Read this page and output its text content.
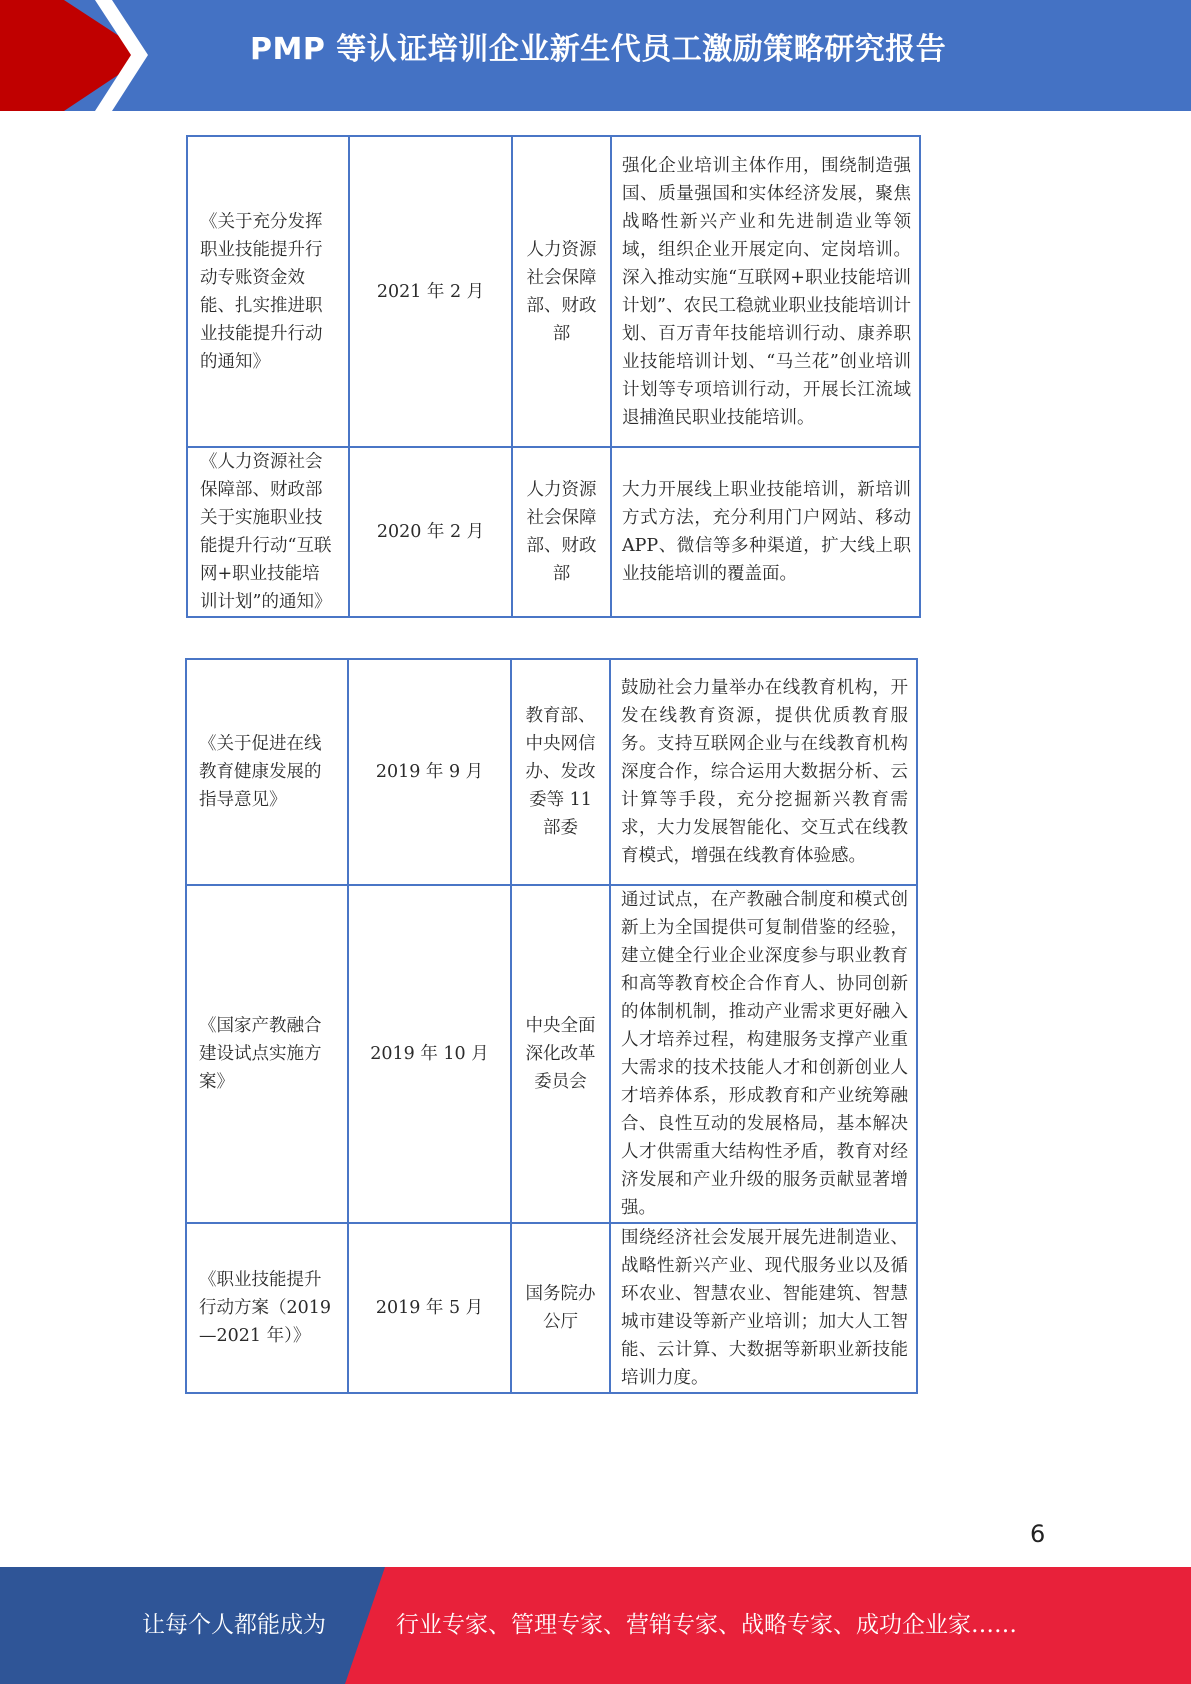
PMP 等认证培训企业新生代员工激励策略研究报告
《关于充分发挥职业技能提升行动专账资金效能、扎实推进职业技能提升行动的通知》	2021 年 2 月	人力资源社会保障部、财政部	强化企业培训主体作用，围绕制造强国、质量强国和实体经济发展，聚焦战略性新兴产业和先进制造业等领域，组织企业开展定向、定岗培训。深入推动实施“互联网+职业技能培训计划”、农民工稳就业职业技能培训计划、百万青年技能培训行动、康养职业技能培训计划、“马兰花”创业培训计划等专项培训行动，开展长江流域退捕渔民职业技能培训。
《人力资源社会保障部、财政部关于实施职业技能提升行动“互联网+职业技能培训计划”的通知》	2020 年 2 月	人力资源社会保障部、财政部	大力开展线上职业技能培训，新培训方式方法，充分利用门户网站、移动 APP、微信等多种渠道，扩大线上职业技能培训的覆盖面。
《关于促进在线教育健康发展的指导意见》	2019 年 9 月	教育部、中央网信办、发改委等 11 部委	鼓励社会力量举办在线教育机构，开发在线教育资源，提供优质教育服务。支持互联网企业与在线教育机构深度合作，综合运用大数据分析、云计算等手段，充分挖掘新兴教育需求，大力发展智能化、交互式在线教育模式，增强在线教育体验感。
《国家产教融合建设试点实施方案》	2019 年 10 月	中央全面深化改革委员会	通过试点，在产教融合制度和模式创新上为全国提供可复制借鉴的经验，建立健全行业企业深度参与职业教育和高等教育校企合作育人、协同创新的体制机制，推动产业需求更好融入人才培养过程，构建服务支撑产业重大需求的技术技能人才和创新创业人才培养体系，形成教育和产业统筹融合、良性互动的发展格局，基本解决人才供需重大结构性矛盾，教育对经济发展和产业升级的服务贡献显著增强。
《职业技能提升行动方案（2019—2021 年）》	2019 年 5 月	国务院办公厅	围绕经济社会发展开展先进制造业、战略性新兴产业、现代服务业以及循环农业、智慧农业、智能建筑、智慧城市建设等新产业培训；加大人工智能、云计算、大数据等新职业新技能培训力度。
6
让每个人都能成为	行业专家、管理专家、营销专家、战略专家、成功企业家……
